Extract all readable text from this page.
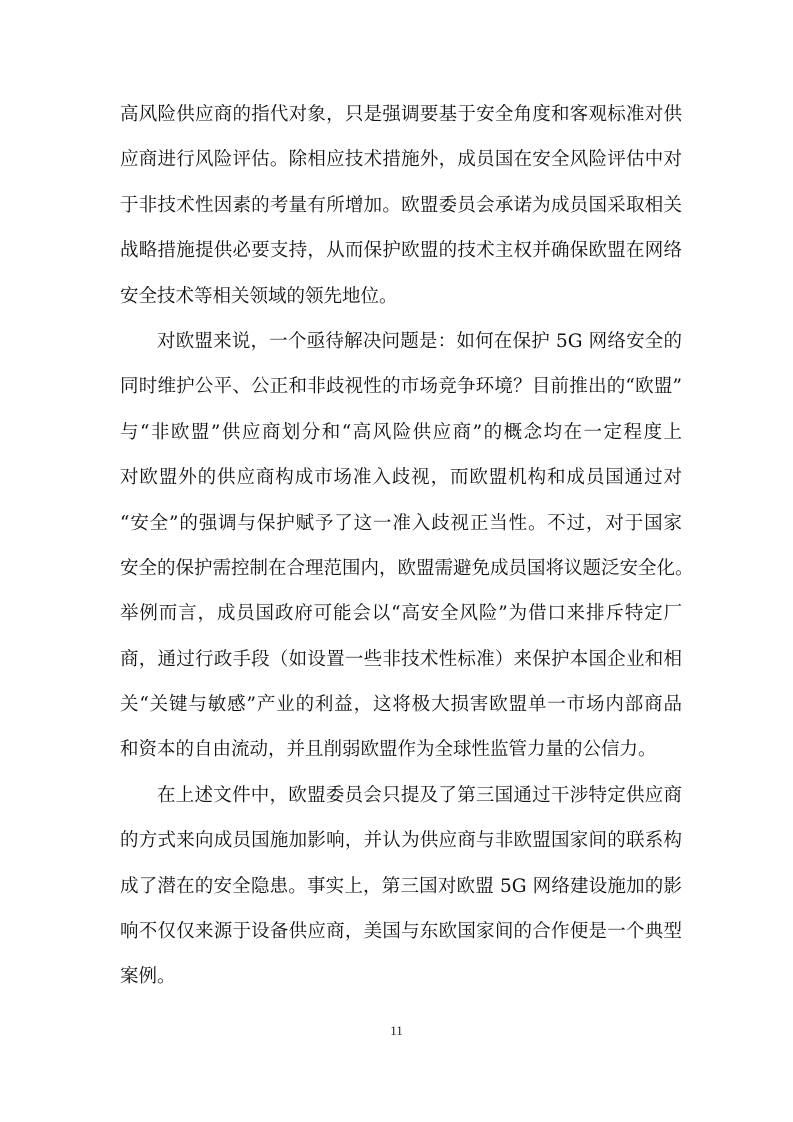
高风险供应商的指代对象，只是强调要基于安全角度和客观标准对供
应商进行风险评估。除相应技术措施外，成员国在安全风险评估中对
于非技术性因素的考量有所增加。欧盟委员会承诺为成员国采取相关
战略措施提供必要支持，从而保护欧盟的技术主权并确保欧盟在网络
安全技术等相关领域的领先地位。
对欧盟来说，一个亟待解决问题是：如何在保护 5G 网络安全的
同时维护公平、公正和非歧视性的市场竞争环境？目前推出的“欧盟”
与“非欧盟”供应商划分和“高风险供应商”的概念均在一定程度上
对欧盟外的供应商构成市场准入歧视，而欧盟机构和成员国通过对
“安全”的强调与保护赋予了这一准入歧视正当性。不过，对于国家
安全的保护需控制在合理范围内，欧盟需避免成员国将议题泛安全化。
举例而言，成员国政府可能会以“高安全风险”为借口来排斥特定厂
商，通过行政手段（如设置一些非技术性标准）来保护本国企业和相
关“关键与敏感”产业的利益，这将极大损害欧盟单一市场内部商品
和资本的自由流动，并且削弱欧盟作为全球性监管力量的公信力。
在上述文件中，欧盟委员会只提及了第三国通过干涉特定供应商
的方式来向成员国施加影响，并认为供应商与非欧盟国家间的联系构
成了潜在的安全隐患。事实上，第三国对欧盟 5G 网络建设施加的影
响不仅仅来源于设备供应商，美国与东欧国家间的合作便是一个典型
案例。
11
